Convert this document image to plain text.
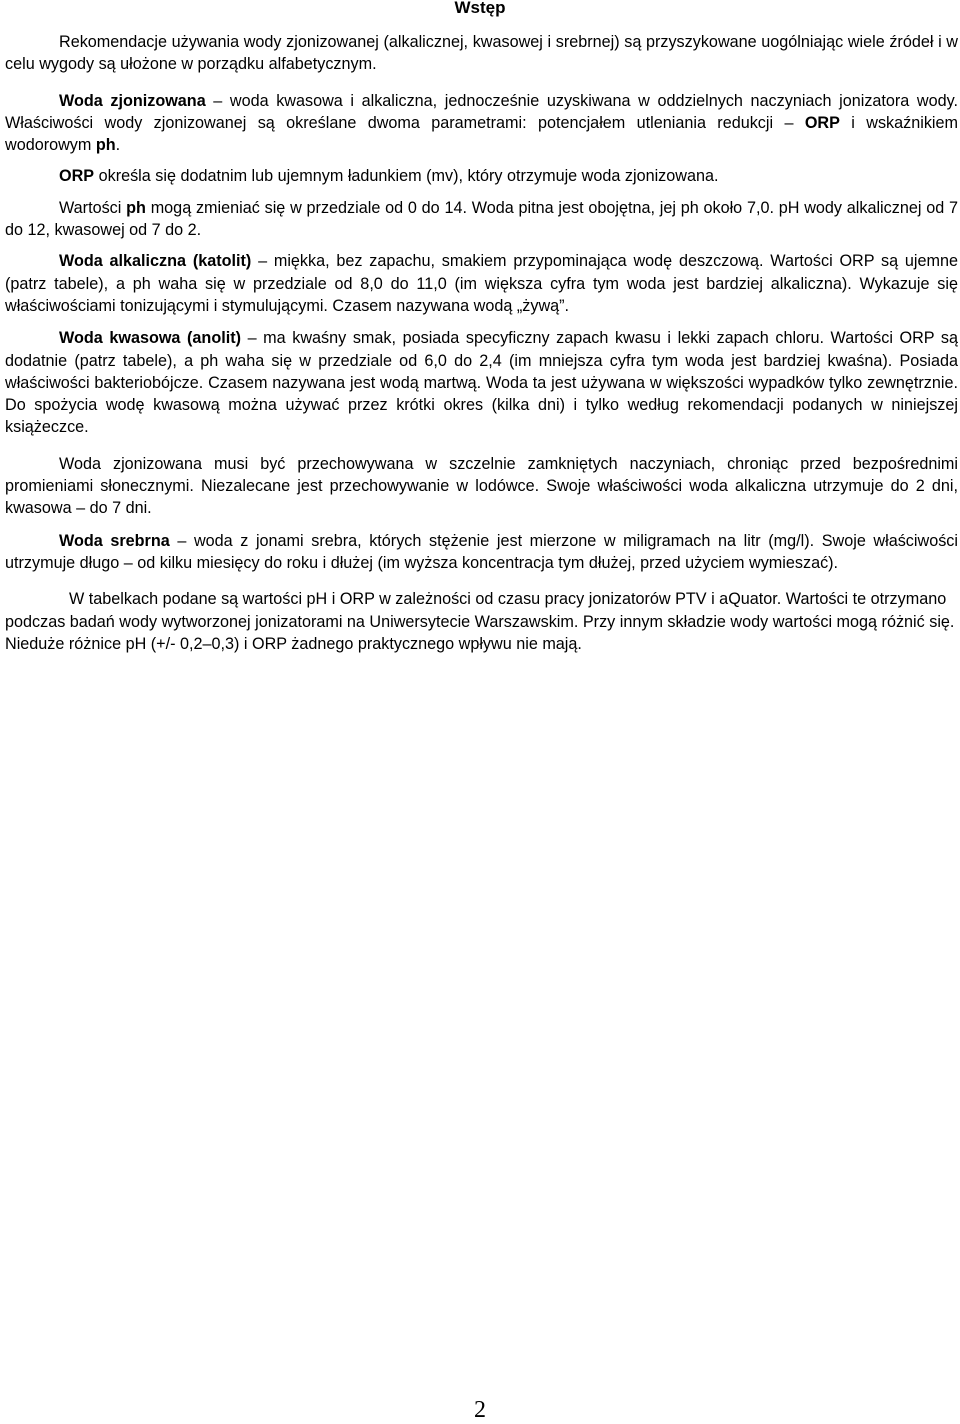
Wstęp

Rekomendacje używania wody zjonizowanej (alkalicznej, kwasowej i srebrnej) są przyszykowane uogólniając wiele źródeł i w celu wygody są ułożone w porządku alfabetycznym.

Woda zjonizowana – woda kwasowa i alkaliczna, jednocześnie uzyskiwana w oddzielnych naczyniach jonizatora wody. Właściwości wody zjonizowanej są określane dwoma parametrami: potencjałem utleniania redukcji – ORP i wskaźnikiem wodorowym ph.

ORP określa się dodatnim lub ujemnym ładunkiem (mv), który otrzymuje woda zjonizowana.

Wartości ph mogą zmieniać się w przedziale od 0 do 14. Woda pitna jest obojętna, jej ph około 7,0. pH wody alkalicznej od 7 do 12, kwasowej od 7 do 2.

Woda alkaliczna (katolit) – miękka, bez zapachu, smakiem przypominająca wodę deszczową. Wartości ORP są ujemne (patrz tabele), a ph waha się w przedziale od 8,0 do 11,0 (im większa cyfra tym woda jest bardziej alkaliczna). Wykazuje się właściwościami tonizującymi i stymulującymi. Czasem nazywana wodą „żywą”.

Woda kwasowa (anolit) – ma kwaśny smak, posiada specyficzny zapach kwasu i lekki zapach chloru. Wartości ORP są dodatnie (patrz tabele), a ph waha się w przedziale od 6,0 do 2,4 (im mniejsza cyfra tym woda jest bardziej kwaśna). Posiada właściwości bakteriobójcze. Czasem nazywana jest wodą martwą. Woda ta jest używana w większości wypadków tylko zewnętrznie. Do spożycia wodę kwasową można używać przez krótki okres (kilka dni) i tylko według rekomendacji podanych w niniejszej książeczce.

Woda zjonizowana musi być przechowywana w szczelnie zamkniętych naczyniach, chroniąc przed bezpośrednimi promieniami słonecznymi. Niezalecane jest przechowywanie w lodówce. Swoje właściwości woda alkaliczna utrzymuje do 2 dni, kwasowa – do 7 dni.

Woda srebrna – woda z jonami srebra, których stężenie jest mierzone w miligramach na litr (mg/l). Swoje właściwości utrzymuje długo – od kilku miesięcy do roku i dłużej (im wyższa koncentracja tym dłużej, przed użyciem wymieszać).

W tabelkach podane są wartości pH i ORP w zależności od czasu pracy jonizatorów PTV i aQuator. Wartości te otrzymano podczas badań wody wytworzonej jonizatorami na Uniwersytecie Warszawskim. Przy innym składzie wody wartości mogą różnić się. Nieduże różnice pH (+/- 0,2–0,3) i ORP żadnego praktycznego wpływu nie mają.

2
